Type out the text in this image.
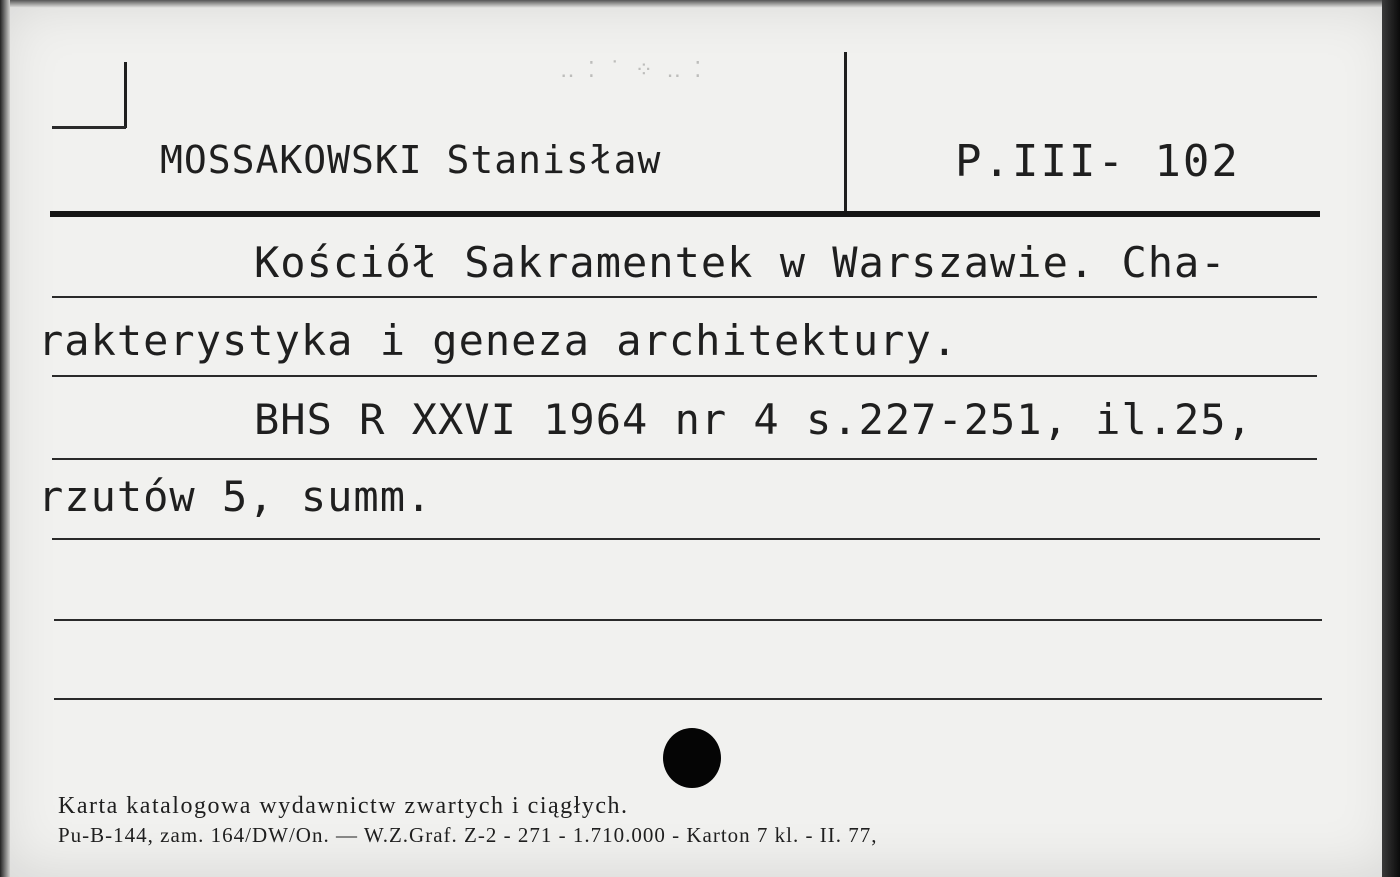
‥ ⁚ ˙ ⁘ ‥ ⁚
MOSSAKOWSKI Stanisław	P.III- 102
Kościół Sakramentek w Warszawie. Cha-
rakterystyka i geneza architektury.
BHS R XXVI 1964 nr 4 s.227-251, il.25,
rzutów 5, summ.
Karta katalogowa wydawnictw zwartych i ciągłych.
Pu-B-144, zam. 164/DW/On. — W.Z.Graf. Z-2 - 271 - 1.710.000 - Karton 7 kl. - II. 77,
